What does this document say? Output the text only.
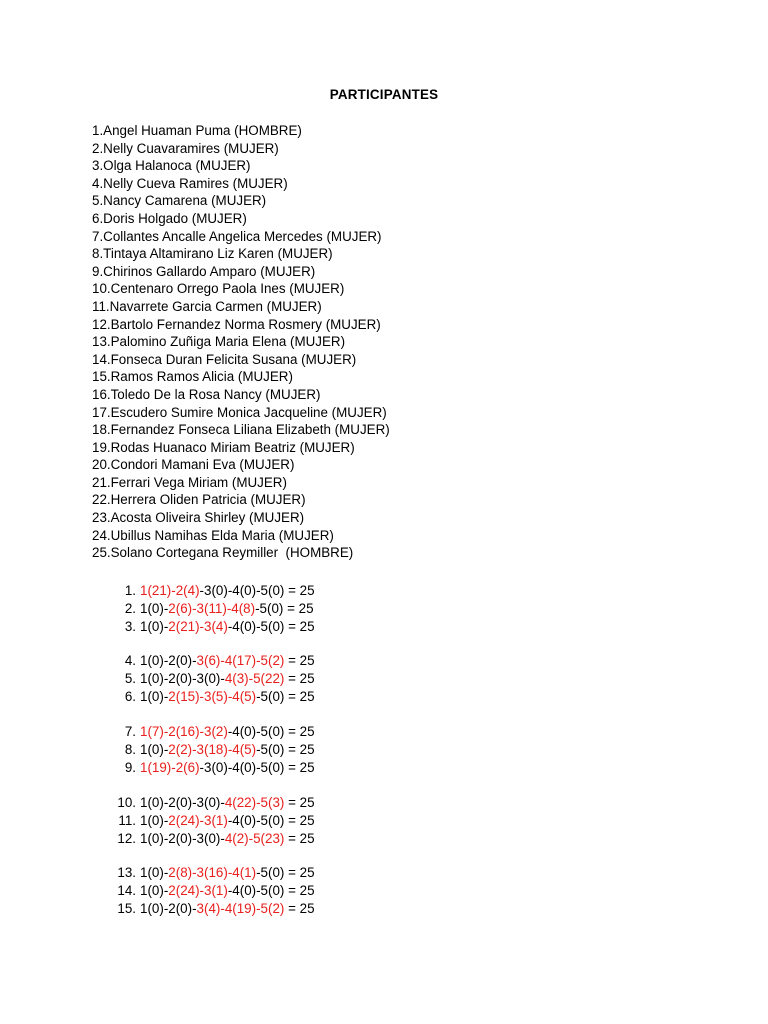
PARTICIPANTES
1.Angel Huaman Puma (HOMBRE)
2.Nelly Cuavaramires (MUJER)
3.Olga Halanoca (MUJER)
4.Nelly Cueva Ramires (MUJER)
5.Nancy Camarena (MUJER)
6.Doris Holgado (MUJER)
7.Collantes Ancalle Angelica Mercedes (MUJER)
8.Tintaya Altamirano Liz Karen (MUJER)
9.Chirinos Gallardo Amparo (MUJER)
10.Centenaro Orrego Paola Ines (MUJER)
11.Navarrete Garcia Carmen (MUJER)
12.Bartolo Fernandez Norma Rosmery (MUJER)
13.Palomino Zuñiga Maria Elena (MUJER)
14.Fonseca Duran Felicita Susana (MUJER)
15.Ramos Ramos Alicia (MUJER)
16.Toledo De la Rosa Nancy (MUJER)
17.Escudero Sumire Monica Jacqueline (MUJER)
18.Fernandez Fonseca Liliana Elizabeth (MUJER)
19.Rodas Huanaco Miriam Beatriz (MUJER)
20.Condori Mamani Eva (MUJER)
21.Ferrari Vega Miriam (MUJER)
22.Herrera Oliden Patricia (MUJER)
23.Acosta Oliveira Shirley (MUJER)
24.Ubillus Namihas Elda Maria (MUJER)
25.Solano Cortegana Reymiller  (HOMBRE)
1. 1(21)-2(4)-3(0)-4(0)-5(0) = 25
2. 1(0)-2(6)-3(11)-4(8)-5(0) = 25
3. 1(0)-2(21)-3(4)-4(0)-5(0) = 25
4. 1(0)-2(0)-3(6)-4(17)-5(2) = 25
5. 1(0)-2(0)-3(0)-4(3)-5(22) = 25
6. 1(0)-2(15)-3(5)-4(5)-5(0) = 25
7. 1(7)-2(16)-3(2)-4(0)-5(0) = 25
8. 1(0)-2(2)-3(18)-4(5)-5(0) = 25
9. 1(19)-2(6)-3(0)-4(0)-5(0) = 25
10. 1(0)-2(0)-3(0)-4(22)-5(3) = 25
11. 1(0)-2(24)-3(1)-4(0)-5(0) = 25
12. 1(0)-2(0)-3(0)-4(2)-5(23) = 25
13. 1(0)-2(8)-3(16)-4(1)-5(0) = 25
14. 1(0)-2(24)-3(1)-4(0)-5(0) = 25
15. 1(0)-2(0)-3(4)-4(19)-5(2) = 25
